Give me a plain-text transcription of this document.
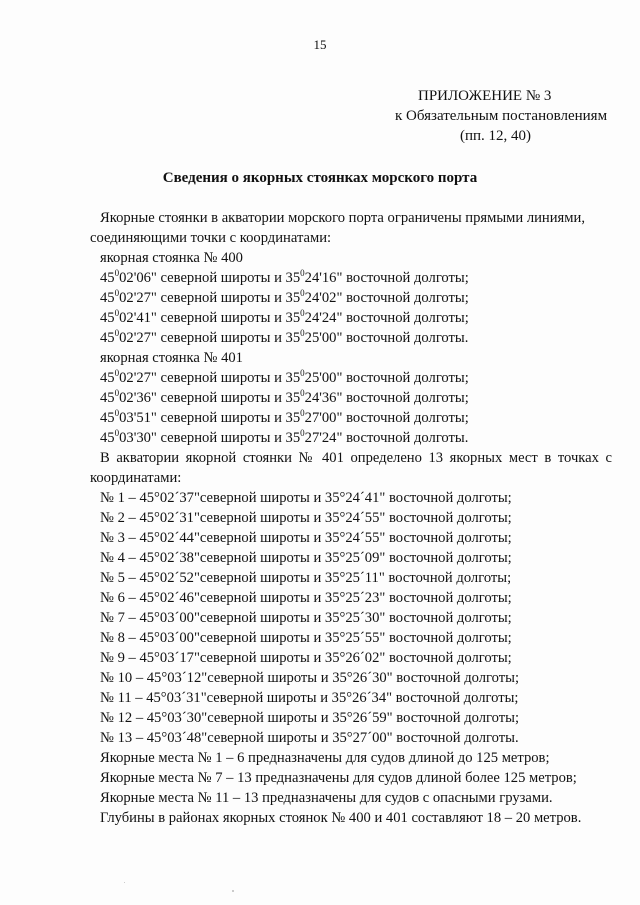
15
ПРИЛОЖЕНИЕ № 3
к Обязательным постановлениям
(пп. 12, 40)
Сведения о якорных стоянках морского порта
Якорные стоянки в акватории морского порта ограничены прямыми линиями,
соединяющими точки с координатами:
якорная стоянка № 400
$45^002'06$" северной широты и $35^024'16$" восточной долготы;
$45^002'27$" северной широты и $35^024'02$" восточной долготы;
$45^002'41$" северной широты и $35^024'24$" восточной долготы;
$45^002'27$" северной широты и $35^025'00$" восточной долготы.
якорная стоянка № 401
$45^002'27$" северной широты и $35^025'00$" восточной долготы;
$45^002'36$" северной широты и $35^024'36$" восточной долготы;
$45^003'51$" северной широты и $35^027'00$" восточной долготы;
$45^003'30$" северной широты и $35^027'24$" восточной долготы.
В акватории якорной стоянки № 401 определено 13 якорных мест в точках с
координатами:
№ 1 – 45°02´37"северной широты и 35°24´41" восточной долготы;
№ 2 – 45°02´31"северной широты и 35°24´55" восточной долготы;
№ 3 – 45°02´44"северной широты и 35°24´55" восточной долготы;
№ 4 – 45°02´38"северной широты и 35°25´09" восточной долготы;
№ 5 – 45°02´52"северной широты и 35°25´11" восточной долготы;
№ 6 – 45°02´46"северной широты и 35°25´23" восточной долготы;
№ 7 – 45°03´00"северной широты и 35°25´30" восточной долготы;
№ 8 – 45°03´00"северной широты и 35°25´55" восточной долготы;
№ 9 – 45°03´17"северной широты и 35°26´02" восточной долготы;
№ 10 – 45°03´12"северной широты и 35°26´30" восточной долготы;
№ 11 – 45°03´31"северной широты и 35°26´34" восточной долготы;
№ 12 – 45°03´30"северной широты и 35°26´59" восточной долготы;
№ 13 – 45°03´48"северной широты и 35°27´00" восточной долготы.
Якорные места № 1 – 6 предназначены для судов длиной до 125 метров;
Якорные места № 7 – 13 предназначены для судов длиной более 125 метров;
Якорные места № 11 – 13 предназначены для судов с опасными грузами.
Глубины в районах якорных стоянок № 400 и 401 составляют 18 – 20 метров.
